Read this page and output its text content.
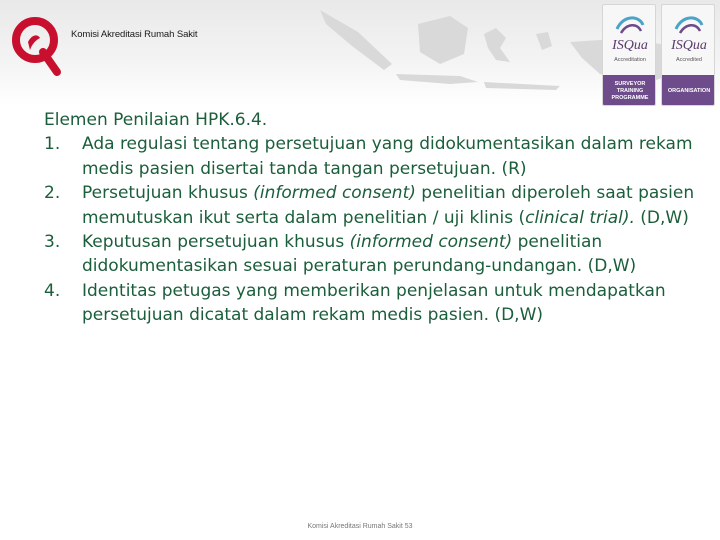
Komisi Akreditasi Rumah Sakit
ISQua
Accreditation
SURVEYOR TRAINING PROGRAMME
ISQua
Accredited
ORGANISATION
Elemen Penilaian HPK.6.4.
1.	Ada regulasi tentang persetujuan yang didokumentasikan dalam rekam medis pasien disertai tanda tangan persetujuan. (R)
2.	Persetujuan khusus (informed consent) penelitian diperoleh saat pasien memutuskan ikut serta dalam penelitian / uji klinis (clinical trial). (D,W)
3.	Keputusan persetujuan khusus (informed consent) penelitian didokumentasikan sesuai peraturan perundang-undangan. (D,W)
4.	Identitas petugas yang memberikan penjelasan untuk mendapatkan persetujuan dicatat dalam rekam medis pasien. (D,W)
Komisi Akreditasi Rumah Sakit 53
